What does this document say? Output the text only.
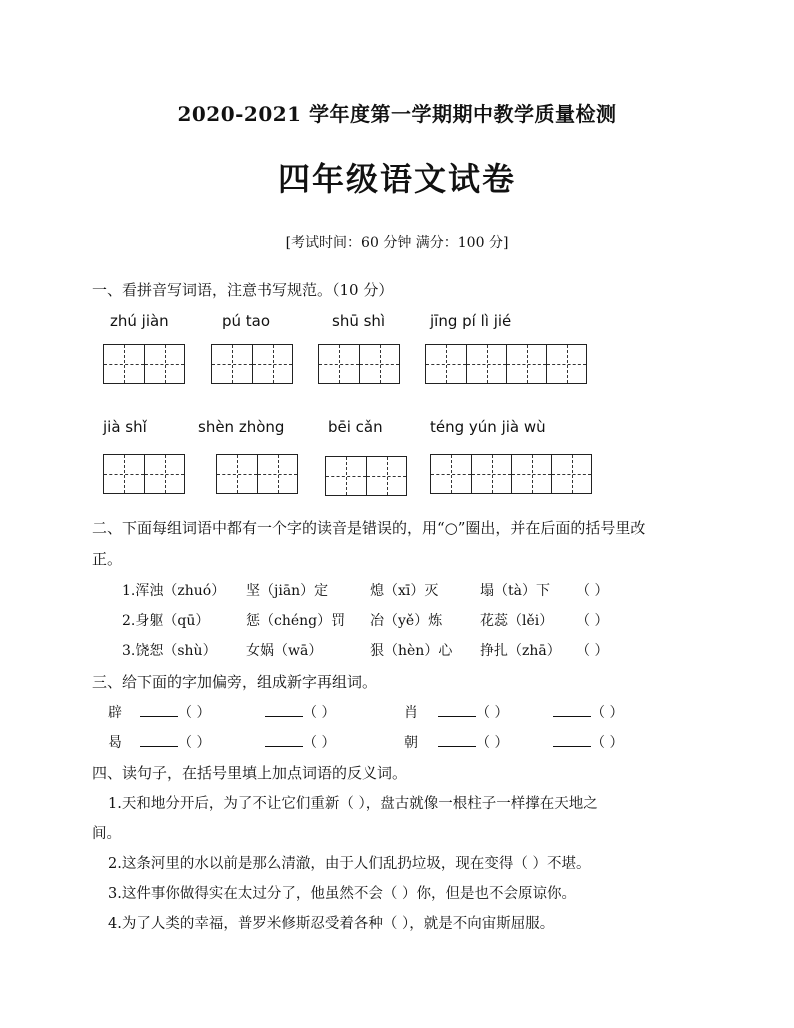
2020-2021 学年度第一学期期中教学质量检测
四年级语文试卷
[考试时间：60 分钟 满分：100 分]
一、看拼音写词语，注意书写规范。（10 分）
zhú jiàn	pú tao	shū shì	jīng pí lì jié
jià shǐ	shèn zhòng	bēi cǎn	téng yún jià wù
二、下面每组词语中都有一个字的读音是错误的，用“○”圈出，并在后面的括号里改
正。
1.浑浊（zhuó） 坚（jiān）定	熄（xī）灭	塌（tà）下 （ ）
2.身躯（qū）	惩（chéng）罚 冶（yě）炼	花蕊（lěi） （ ）
3.饶恕（shù） 女娲（wā）	狠（hèn）心 挣扎（zhā） （ ）
三、给下面的字加偏旁，组成新字再组词。
辟	（ ）	（ ）	肖	（ ）	（ ）
曷	（ ）	（ ）	朝	（ ）	（ ）
四、读句子，在括号里填上加点词语的反义词。
1.天和地分开后，为了不让它们重新（ ），盘古就像一根柱子一样撑在天地之
间。
2.这条河里的水以前是那么清澈，由于人们乱扔垃圾，现在变得（ ）不堪。
3.这件事你做得实在太过分了，他虽然不会（ ）你，但是也不会原谅你。
4.为了人类的幸福，普罗米修斯忍受着各种（ ），就是不向宙斯屈服。
